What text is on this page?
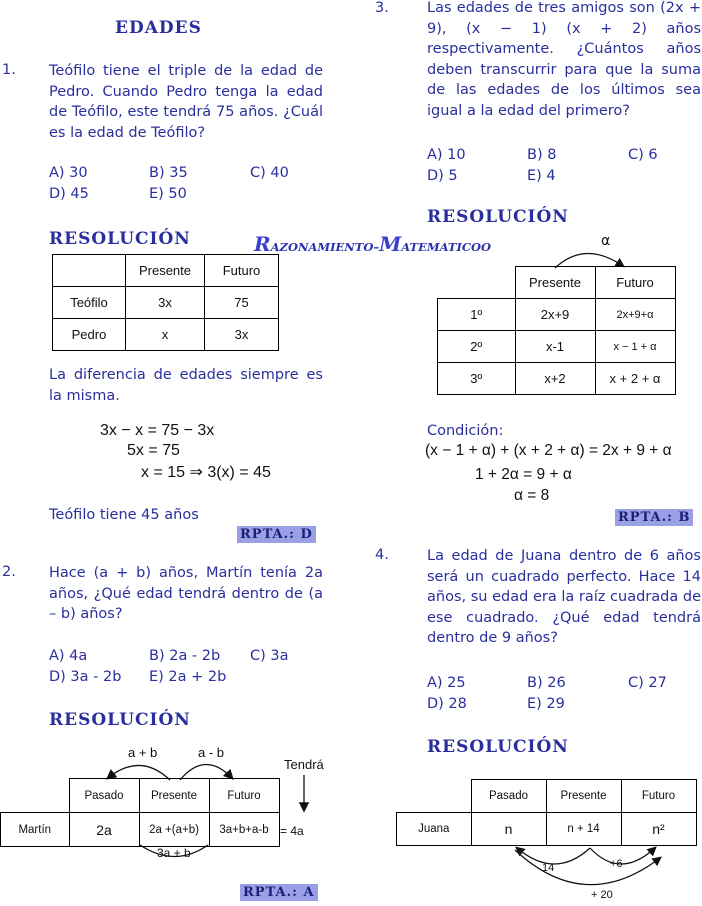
EDADES
1. Teófilo tiene el triple de la edad de Pedro. Cuando Pedro tenga la edad de Teófilo, este tendrá 75 años. ¿Cuál es la edad de Teófilo?
A) 30	B) 35	C) 40
D) 45	E) 50
RESOLUCIÓN	RAZONAMIENTO–MATEMATICOO
	Presente	Futuro
Teófilo	3x	75
Pedro	x	3x
La diferencia de edades siempre es la misma.
3x − x = 75 − 3x
5x = 75
x = 15 ⇒ 3(x) = 45
Teófilo tiene 45 años
RPTA.: D
2. Hace (a + b) años, Martín tenía 2a años, ¿Qué edad tendrá dentro de (a – b) años?
A) 4a	B) 2a - 2b C) 3a
D) 3a - 2b E) 2a + 2b
RESOLUCIÓN
a + b	a - b
Tendrá
	Pasado	Presente	Futuro
Martín	2a	2a +(a+b)	3a+b+a-b = 4a
3a + b
RPTA.: A
3.	Las edades de tres amigos son (2x + 9), (x − 1) (x + 2) años respectivamente. ¿Cuántos años deben transcurrir para que la suma de las edades de los últimos sea igual a la edad del primero?
A) 10	B) 8	C) 6
D) 5	E) 4
RESOLUCIÓN
α
	Presente	Futuro
1º	2x+9	2x+9+α
2º	x-1	x − 1 + α
3º	x+2	x + 2 + α
Condición:
(x − 1 + α) + (x + 2 + α) = 2x + 9 + α
1 + 2α = 9 + α
α = 8
RPTA.: B
4.	La edad de Juana dentro de 6 años será un cuadrado perfecto. Hace 14 años, su edad era la raíz cuadrada de ese cuadrado. ¿Qué edad tendrá dentro de 9 años?
A) 25	B) 26	C) 27
D) 28	E) 29
RESOLUCIÓN
	Pasado	Presente	Futuro
Juana	n	n + 14	n²
14	+6
+ 20
